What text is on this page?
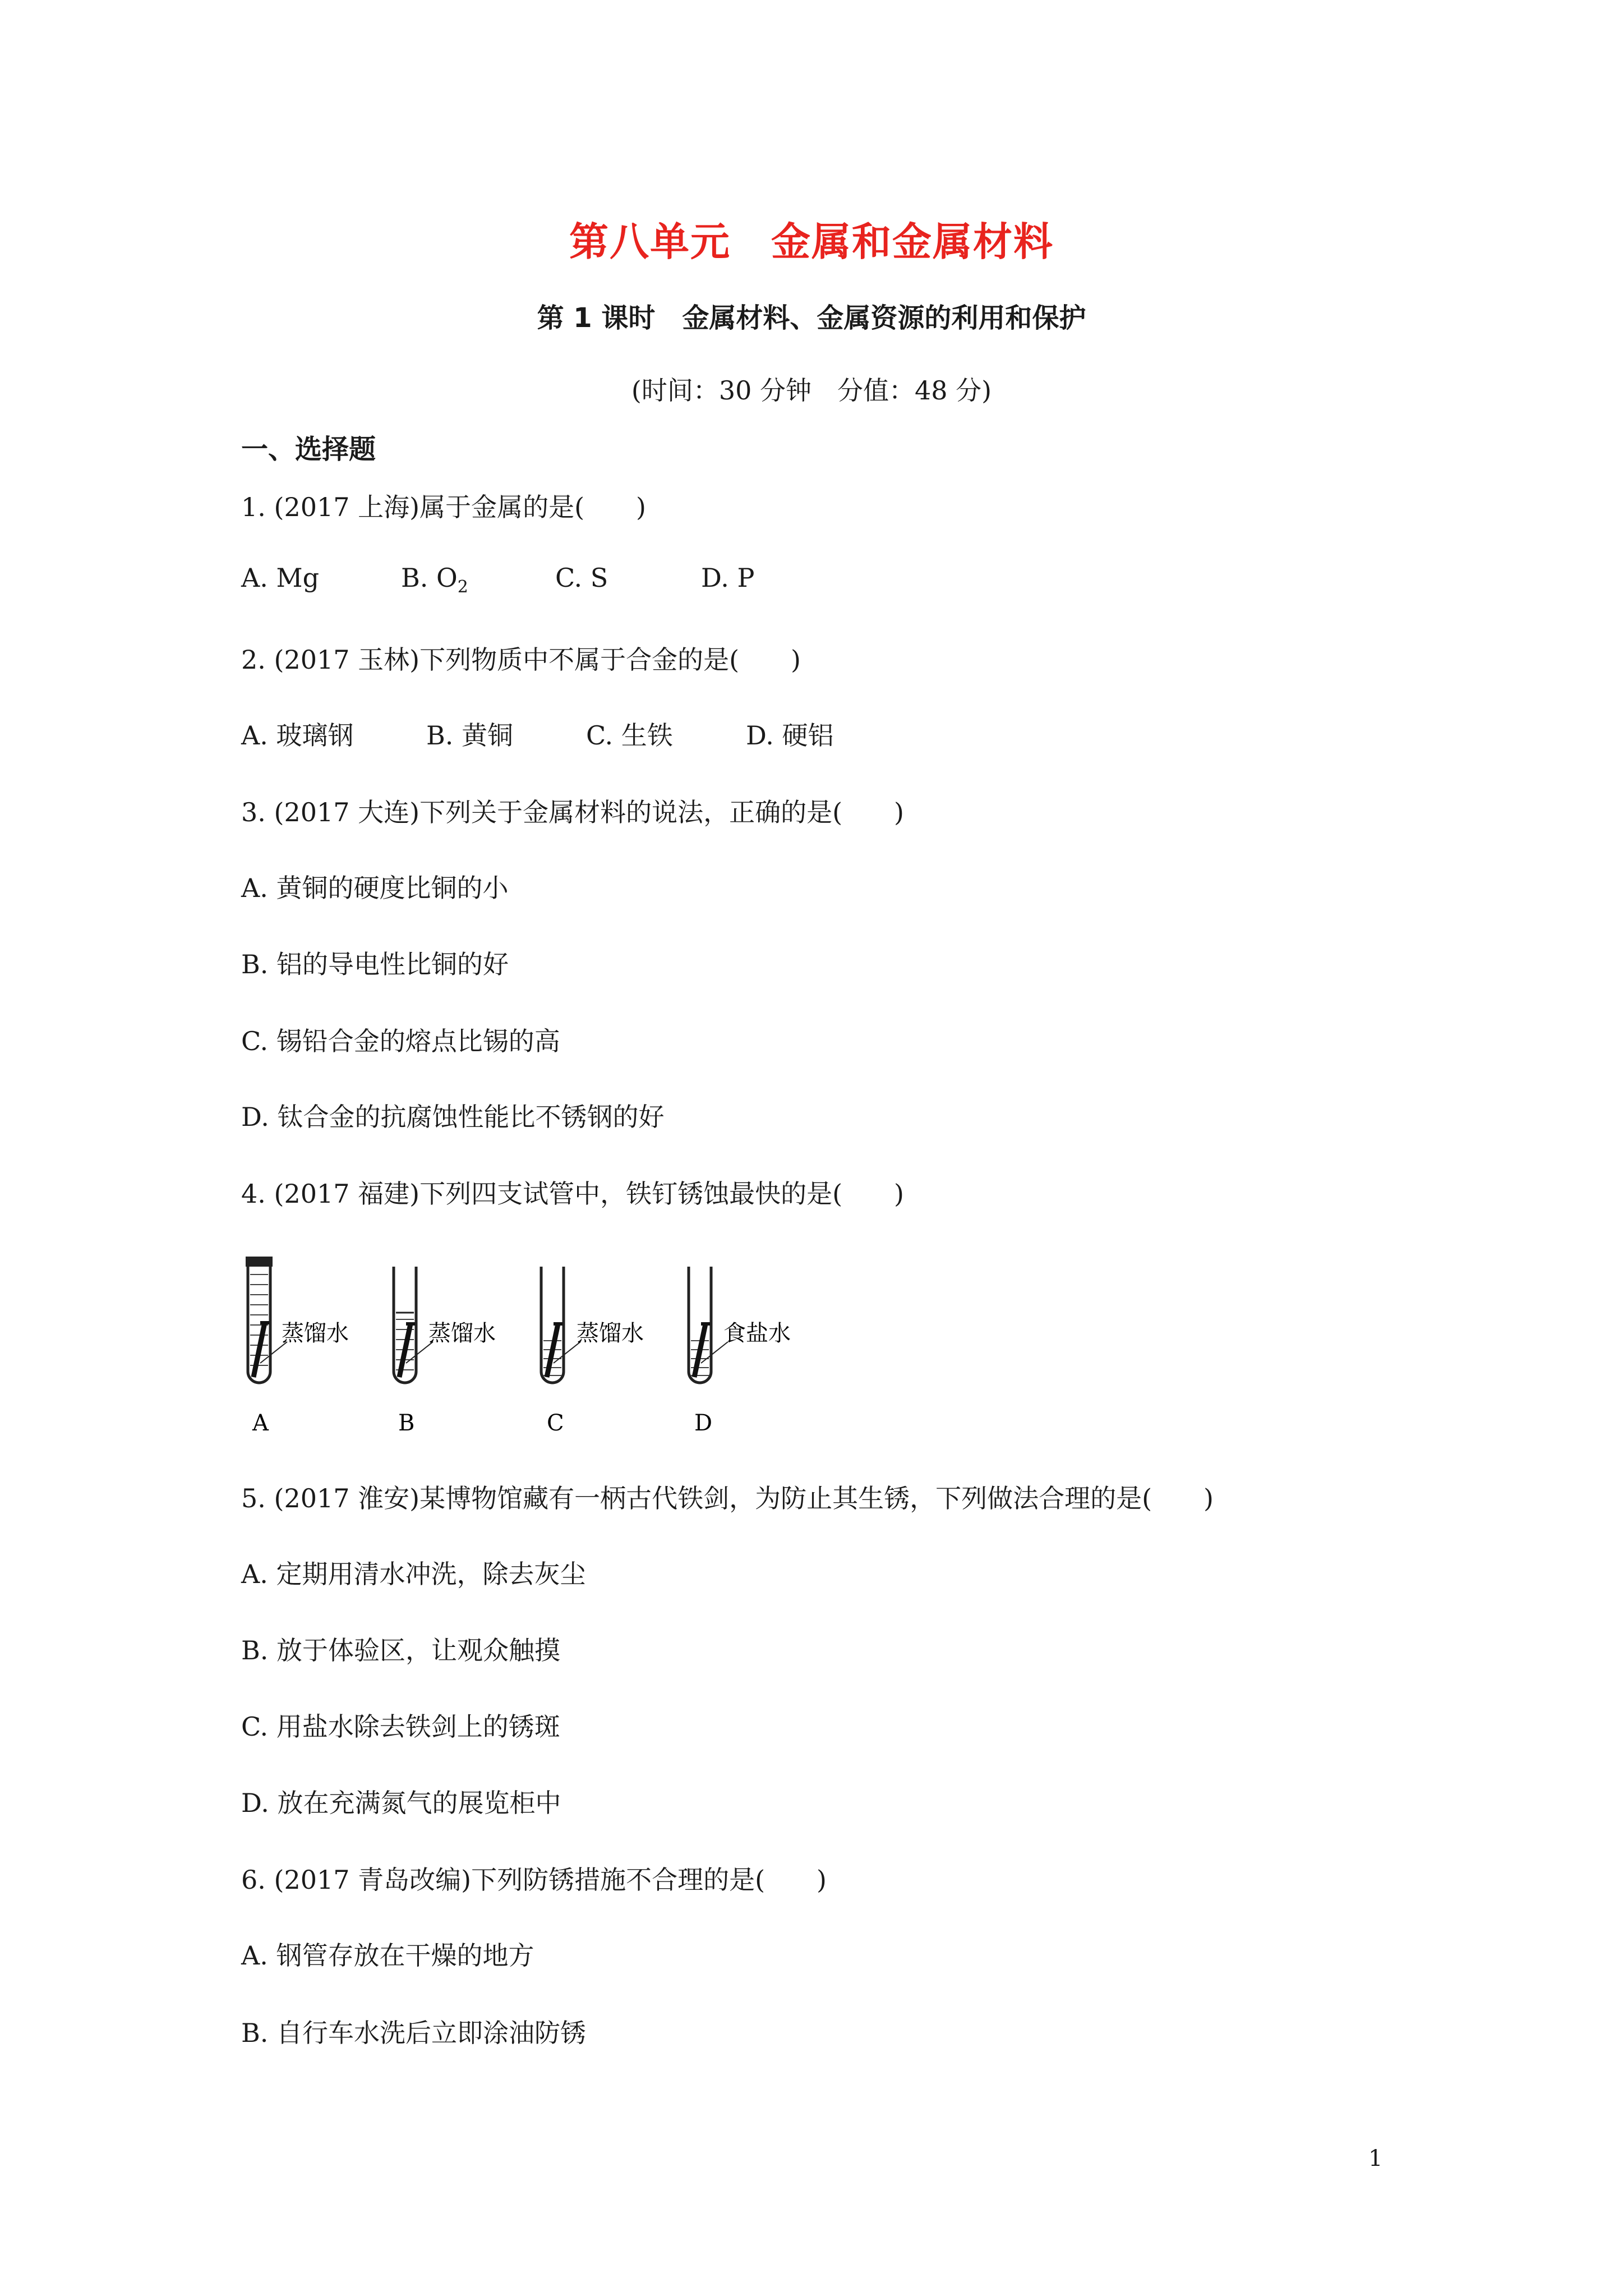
第八单元　金属和金属材料
第 1 课时　金属材料、金属资源的利用和保护
(时间：30 分钟　分值：48 分)
一、选择题
1. (2017 上海)属于金属的是(　　)
A. Mg	B. $O_2$	C. S	D. P
2. (2017 玉林)下列物质中不属于合金的是(　　)
A. 玻璃钢	B. 黄铜	C. 生铁	D. 硬铝
3. (2017 大连)下列关于金属材料的说法，正确的是(　　)
A. 黄铜的硬度比铜的小
B. 铝的导电性比铜的好
C. 锡铅合金的熔点比锡的高
D. 钛合金的抗腐蚀性能比不锈钢的好
4. (2017 福建)下列四支试管中，铁钉锈蚀最快的是(　　)
蒸馏水	蒸馏水	蒸馏水	食盐水
A	B	C	D
5. (2017 淮安)某博物馆藏有一柄古代铁剑，为防止其生锈，下列做法合理的是(　　)
A. 定期用清水冲洗，除去灰尘
B. 放于体验区，让观众触摸
C. 用盐水除去铁剑上的锈斑
D. 放在充满氮气的展览柜中
6. (2017 青岛改编)下列防锈措施不合理的是(　　)
A. 钢管存放在干燥的地方
B. 自行车水洗后立即涂油防锈
1
